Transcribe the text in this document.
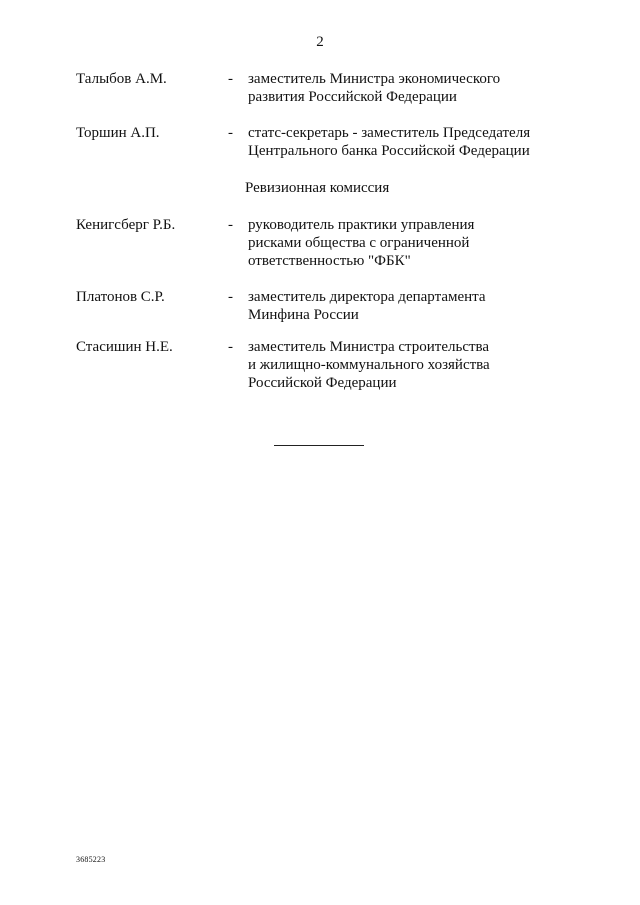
2
Талыбов А.М.	- заместитель Министра экономического
развития Российской Федерации
Торшин А.П.	- статс-секретарь - заместитель Председателя
Центрального банка Российской Федерации
Ревизионная комиссия
Кенигсберг Р.Б.	- руководитель практики управления
рисками общества с ограниченной
ответственностью "ФБК"
Платонов С.Р.	- заместитель директора департамента
Минфина России
Стасишин Н.Е.	- заместитель Министра строительства
и жилищно-коммунального хозяйства
Российской Федерации
3685223
